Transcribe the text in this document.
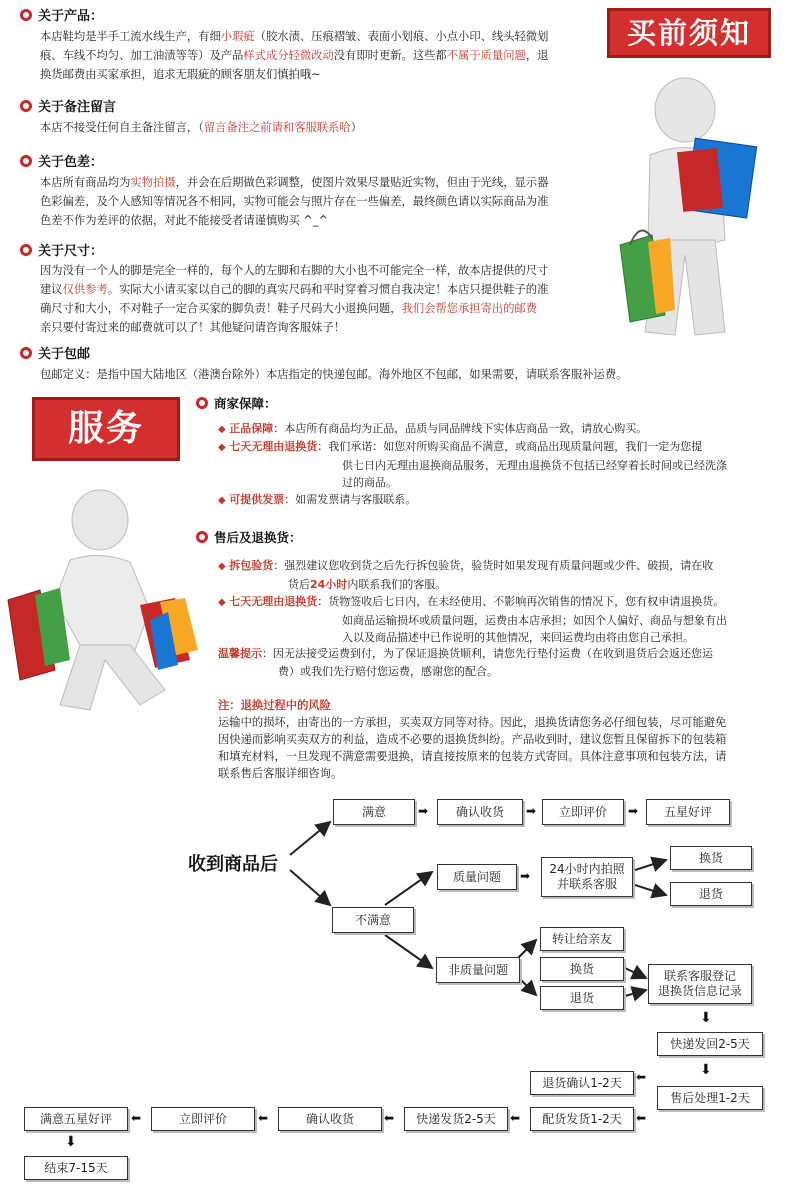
买前须知
服务
关于产品：
本店鞋均是半手工流水线生产，有细小瑕疵（胶水渍、压痕褶皱、表面小划痕、小点小印、线头轻微划
痕、车线不均匀、加工油渍等等）及产品样式成分轻微改动没有即时更新。这些都不属于质量问题，退
换货邮费由买家承担，追求无瑕疵的顾客朋友们慎拍哦~
关于备注留言
本店不接受任何自主备注留言，（留言备注之前请和客服联系哈）
关于色差：
本店所有商品均为实物拍摄，并会在后期做色彩调整，使图片效果尽量贴近实物，但由于光线，显示器
色彩偏差，及个人感知等情况各不相同，实物可能会与照片存在一些偏差，最终颜色请以实际商品为准
色差不作为差评的依据，对此不能接受者请谨慎购买 ^_^
关于尺寸：
因为没有一个人的脚是完全一样的，每个人的左脚和右脚的大小也不可能完全一样，故本店提供的尺寸
建议仅供参考。实际大小请买家以自己的脚的真实尺码和平时穿着习惯自我决定！本店只提供鞋子的准
确尺寸和大小，不对鞋子一定合买家的脚负责！鞋子尺码大小退换问题，我们会帮您承担寄出的邮费
亲只要付寄过来的邮费就可以了！其他疑问请咨询客服妹子！
关于包邮
包邮定义：是指中国大陆地区（港澳台除外）本店指定的快递包邮。海外地区不包邮，如果需要，请联系客服补运费。
商家保障：
◆ 正品保障：本店所有商品均为正品，品质与同品牌线下实体店商品一致，请放心购买。
◆ 七天无理由退换货：我们承诺：如您对所购买商品不满意，或商品出现质量问题，我们一定为您提
供七日内无理由退换商品服务，无理由退换货不包括已经穿着长时间或已经洗涤
过的商品。
◆ 可提供发票：如需发票请与客服联系。
售后及退换货：
◆ 拆包验货：强烈建议您收到货之后先行拆包验货，验货时如果发现有质量问题或少件、破损，请在收
货后24小时内联系我们的客服。
◆ 七天无理由退换货：货物签收后七日内，在未经使用、不影响再次销售的情况下，您有权申请退换货。
如商品运输损坏或质量问题，运费由本店承担；如因个人偏好、商品与想象有出
入以及商品描述中已作说明的其他情况，来回运费均由将由您自己承担。
温馨提示：因无法接受运费到付，为了保证退换货顺利，请您先行垫付运费（在收到退货后会返还您运
费）或我们先行赔付您运费，感谢您的配合。
注：退换过程中的风险
运输中的损坏，由寄出的一方承担，买卖双方同等对待。因此，退换货请您务必仔细包装，尽可能避免
因快递而影响买卖双方的利益，造成不必要的退换货纠纷。产品收到时，建议您暂且保留拆下的包装箱
和填充材料，一旦发现不满意需要退换，请直接按原来的包装方式寄回。具体注意事项和包装方法，请
联系售后客服详细咨询。
收到商品后
满意	➡	确认收货	➡	立即评价	➡	五星好评
不满意
质量问题	➡ 24小时内拍照
并联系客服
换货
退货
非质量问题
转让给亲友
换货
退货
联系客服登记
退换货信息记录
⬇
快递发回2-5天
⬇
售后处理1-2天
⬅
退货确认1-2天
⬅
配货发货1-2天
⬅
快递发货2-5天
⬅
确认收货
⬅
立即评价
⬅
满意五星好评
⬇
结束7-15天
